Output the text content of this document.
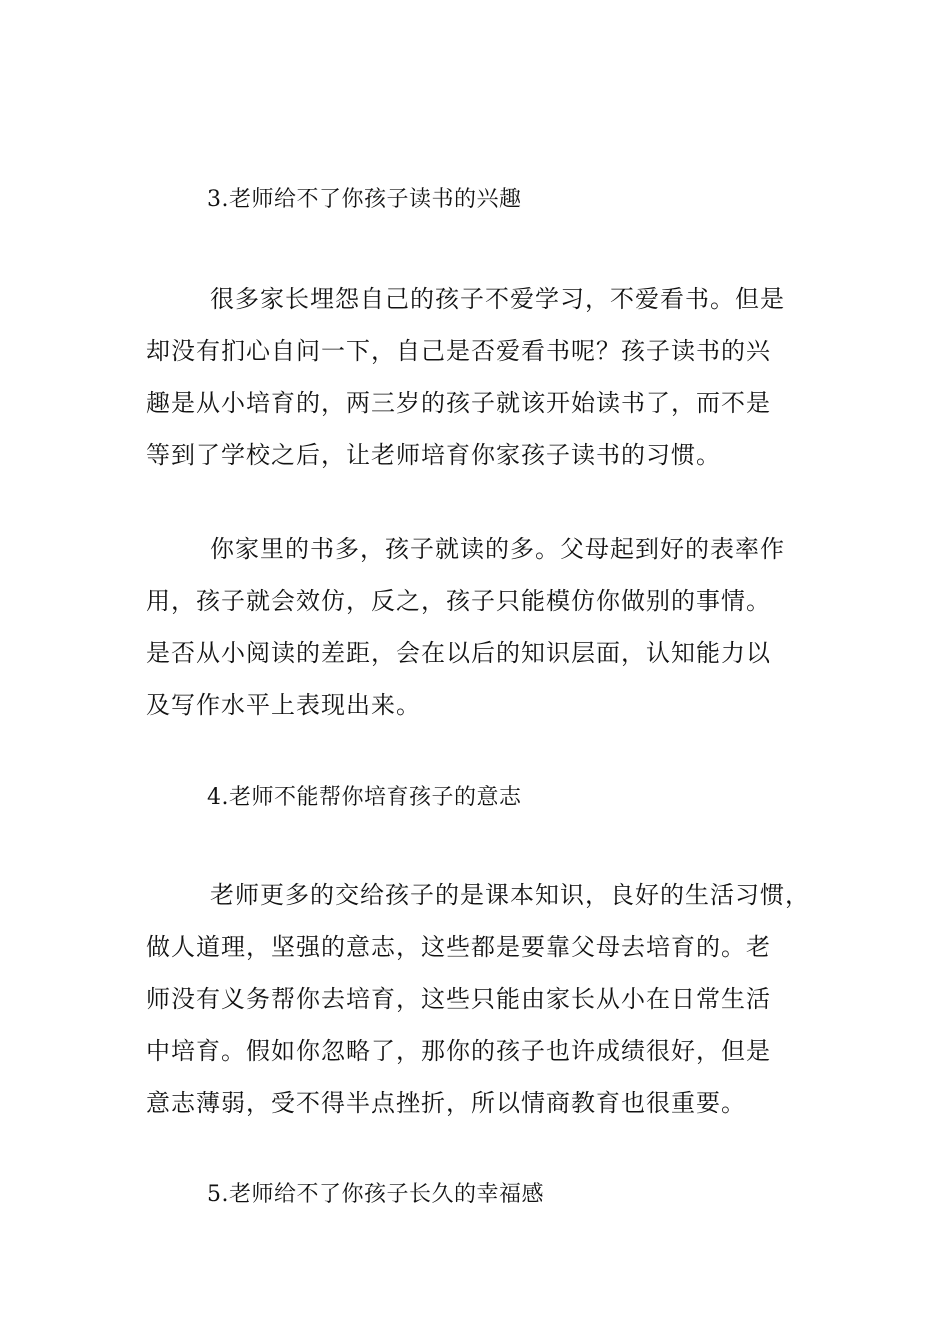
3.老师给不了你孩子读书的兴趣
很多家长埋怨自己的孩子不爱学习，不爱看书。但是
却没有扪心自问一下，自己是否爱看书呢？孩子读书的兴
趣是从小培育的，两三岁的孩子就该开始读书了，而不是
等到了学校之后，让老师培育你家孩子读书的习惯。
你家里的书多，孩子就读的多。父母起到好的表率作
用，孩子就会效仿，反之，孩子只能模仿你做别的事情。
是否从小阅读的差距，会在以后的知识层面，认知能力以
及写作水平上表现出来。
4.老师不能帮你培育孩子的意志
老师更多的交给孩子的是课本知识，良好的生活习惯，
做人道理，坚强的意志，这些都是要靠父母去培育的。老
师没有义务帮你去培育，这些只能由家长从小在日常生活
中培育。假如你忽略了，那你的孩子也许成绩很好，但是
意志薄弱，受不得半点挫折，所以情商教育也很重要。
5.老师给不了你孩子长久的幸福感
